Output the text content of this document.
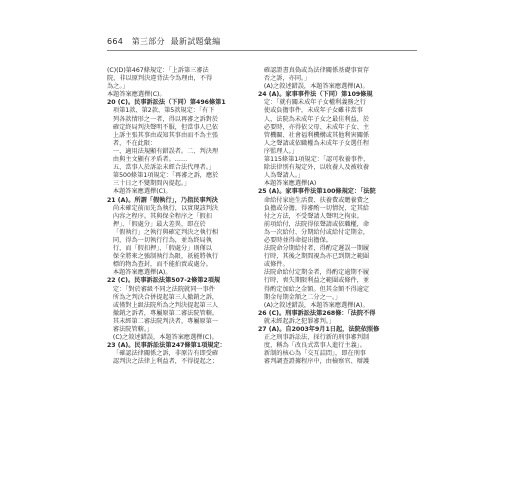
664 第三部分 最新試題彙編
(C)(D)第467條規定：「上訴第三審法
院，非以原判決違背法令為理由，不得
為之。」
本題答案應選擇(C)。
20 (C)。民事訴訟法（下同）第496條第1
項第1款、第2款、第5款規定：「有下
列各款情形之一者，得以再審之訴對於
確定終局判決聲明不服，但當事人已依
上訴主張其事由或知其事由而不為主張
者，不在此限：
一、適用法規顯有錯誤者。二、判決理
由與主文顯有矛盾者。……
五、當事人於訴訟未經合法代理者。」
第500條第1項規定：「再審之訴，應於
三十日之不變期間內提起。」
本題答案應選擇(C)。
21 (A)。所謂「假執行」，乃指民事判決
尚未確定前而先為執行，以實現該判決
內容之程序。其與保全程序之「假扣
押」、「假處分」最大差異，即在於
「假執行」之執行與確定判決之執行相
同，得為一切執行行為，並為終局執
行，而「假扣押」、「假處分」則僅以
保全將來之強制執行為限，祇能將執行
標的物為查封，而不能拍賣或處分。
本題答案應選擇(A)。
22 (C)。民事訴訟法第507-2條第2項規
定：「對於審級不同之法院就同一事件
所為之判決合併提起第三人撤銷之訴，
或僅對上級法院所為之判決提起第三人
撤銷之訴者，專屬原第二審法院管轄。
其未經第二審法院判決者，專屬原第一
審法院管轄。」
(C)之敘述錯誤，本題答案應選擇(C)。
23 (A)。民事訴訟法第247條第1項規定：
「確認法律關係之訴，非原告有即受確
認判決之法律上利益者，不得提起之；
確認證書真偽或為法律關係基礎事實存
否之訴，亦同。」
(A)之敘述錯誤，本題答案應選擇(A)。
24 (A)。家事事件法（下同）第109條規
定：「就有關未成年子女權利義務之行
使或負擔事件，未成年子女雖非當事
人，法院為未成年子女之最佳利益，於
必要時，亦得依父母、未成年子女、主
管機關、社會福利機構或其他利害關係
人之聲請或依職權為未成年子女選任程
序監理人。」
第115條第1項規定：「認可收養事件，
除法律別有規定外，以收養人及被收養
人為聲請人。」
本題答案應選擇(A)
25 (A)。家事事件法第100條規定：「法院
命給付家庭生活費、扶養費或贍養費之
負擔或分擔，得審酌一切情況，定其給
付之方法，不受聲請人聲明之拘束。
前項給付，法院得依聲請或依職權，命
為一次給付、分期給付或給付定期金，
必要時並得命提出擔保。
法院命分期給付者，得酌定遲誤一期履
行時，其後之期間視為亦已到期之範圍
或條件。
法院命給付定期金者，得酌定逾期不履
行時，喪失期限利益之範圍或條件，並
得酌定加給之金額。但其金額不得逾定
期金每期金額之二分之一。」
(A)之敘述錯誤，本題答案應選擇(A)。
26 (C)。刑事訴訟法第268條：「法院不得
就未經起訴之犯罪審判。」
27 (A)。自2003年9月1日起，法院依照修
正之刑事訴訟法，採行新的刑事審判制
度，稱為「改良式當事人進行主義」。
新制的核心為「交互詰問」，即在刑事
審判調查證據程序中，由檢察官、辯護
